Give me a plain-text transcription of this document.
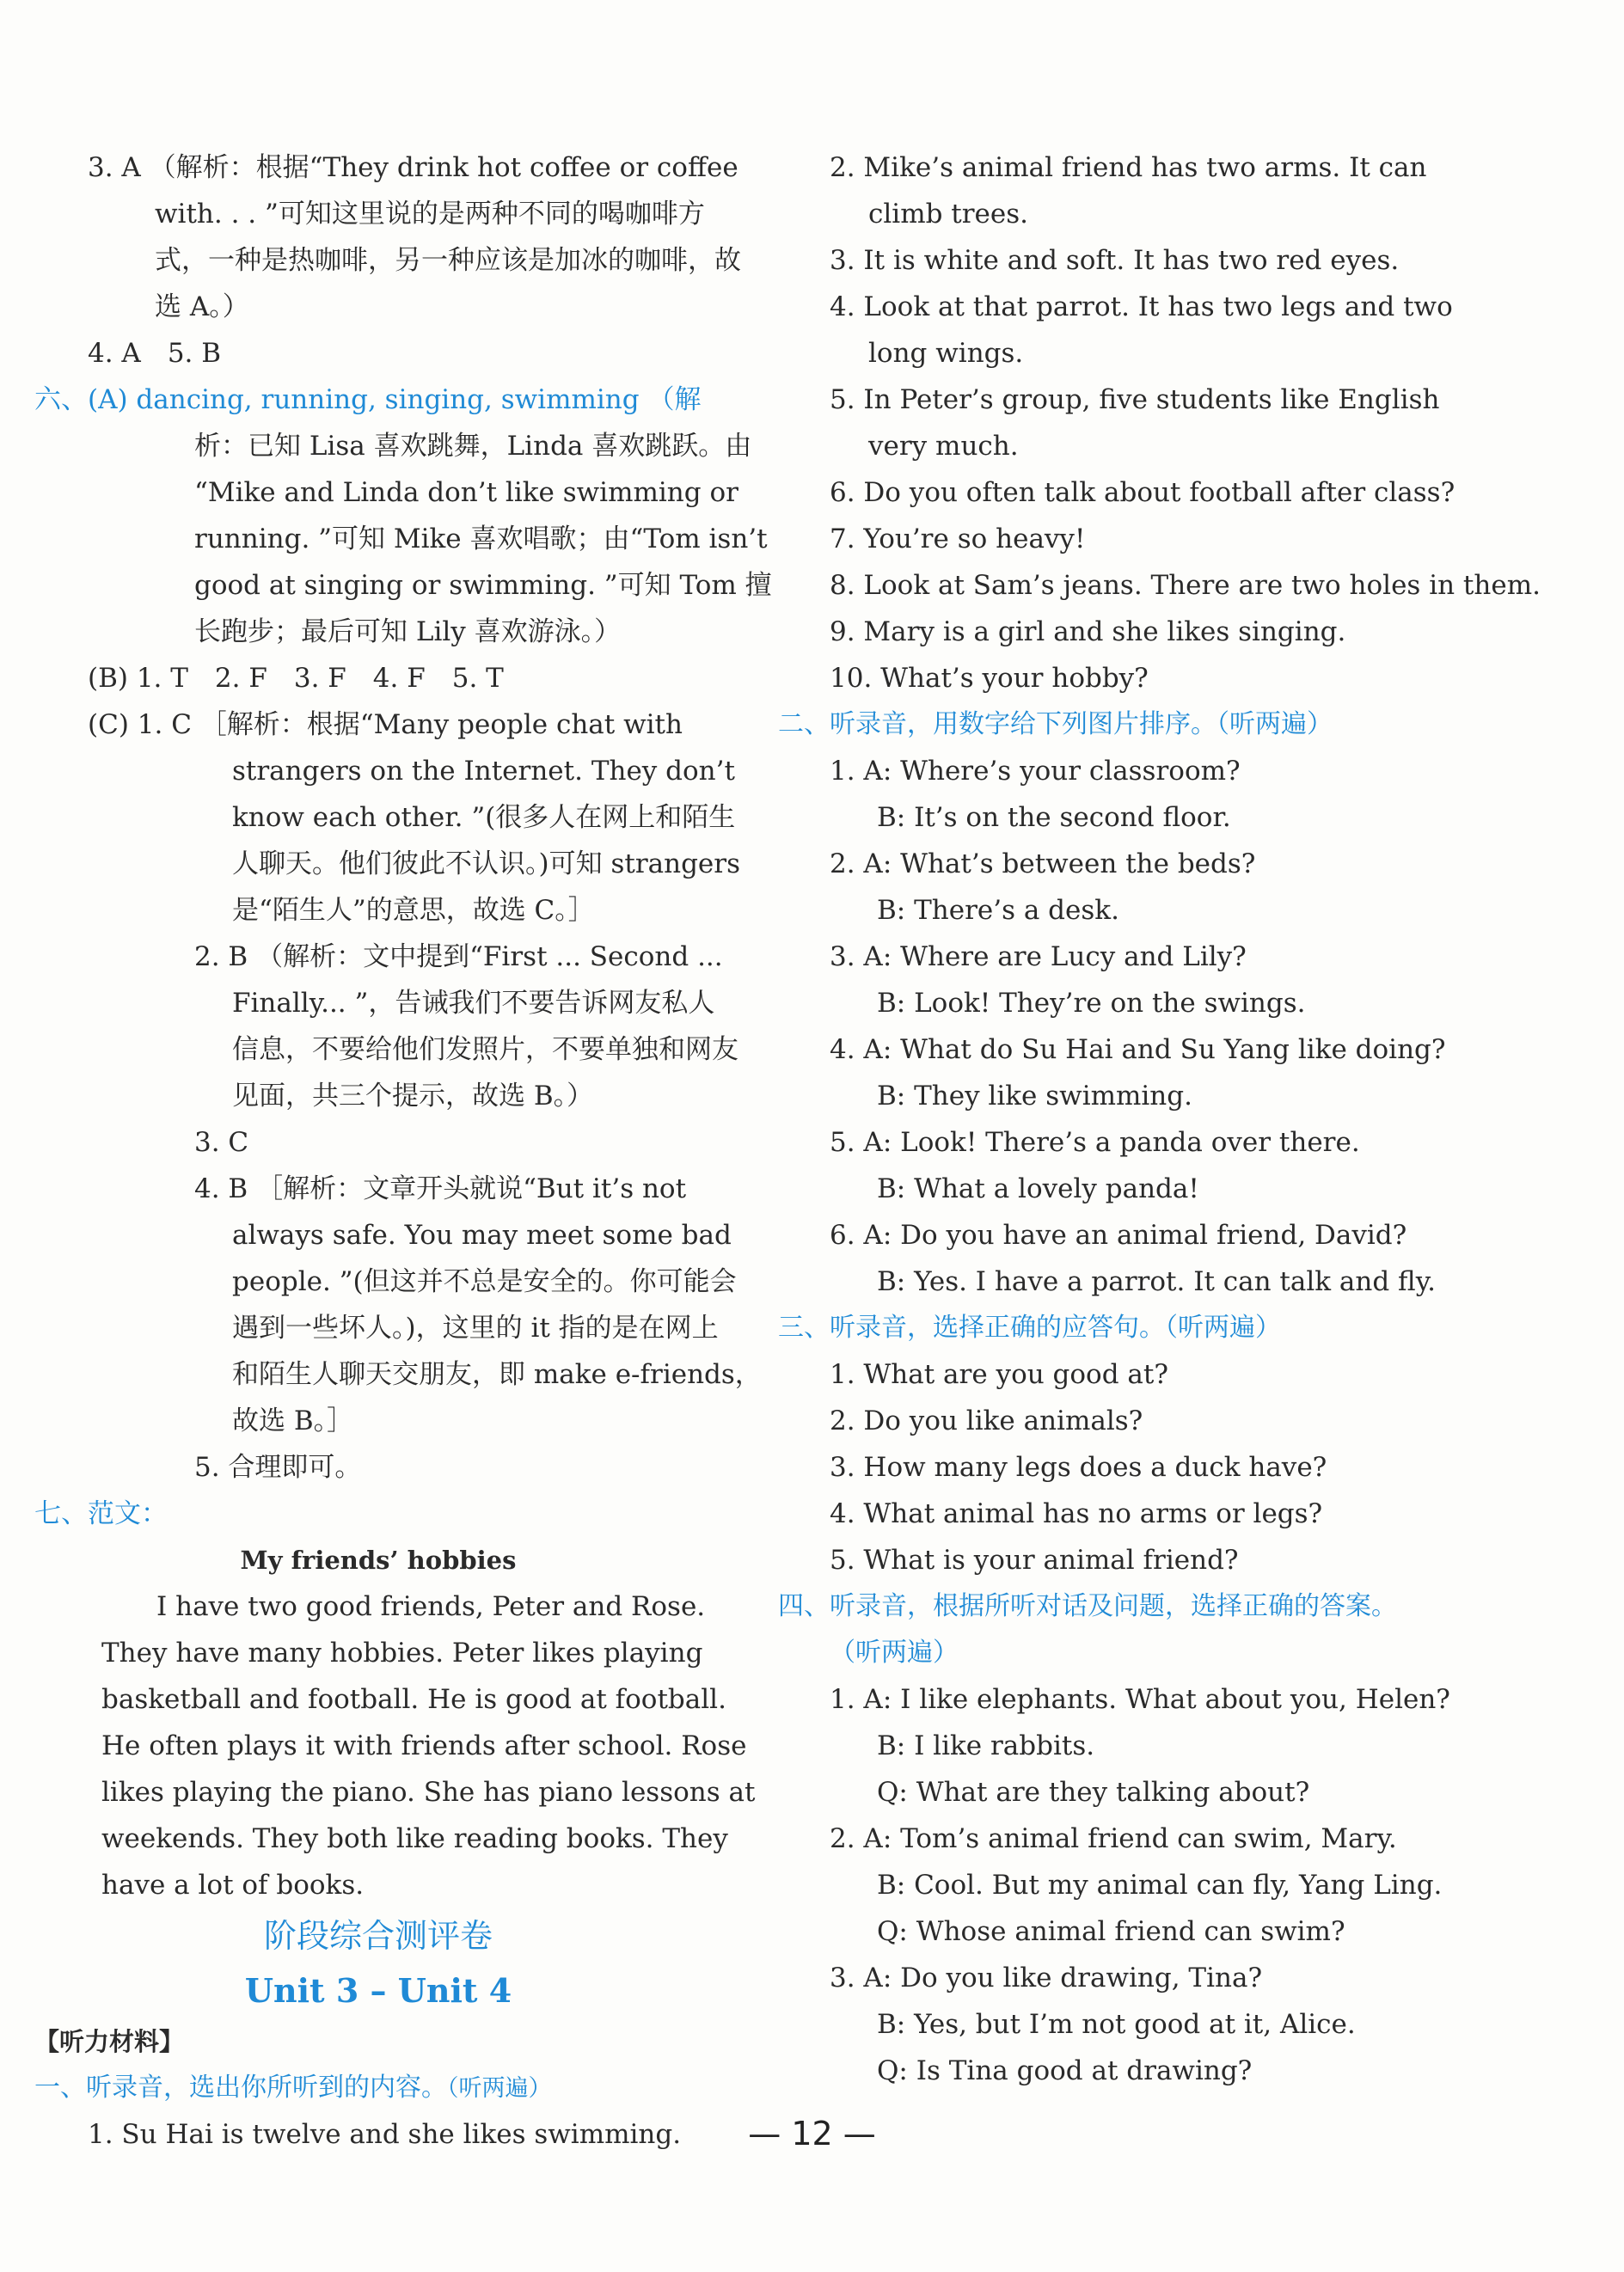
3. A （解析：根据“They drink hot coffee or coffee
with. . . ”可知这里说的是两种不同的喝咖啡方
式，一种是热咖啡，另一种应该是加冰的咖啡，故
选 A。）
4. A　5. B
六、(A) dancing, running, singing, swimming （解
析：已知 Lisa 喜欢跳舞，Linda 喜欢跳跃。由
“Mike and Linda don’t like swimming or
running. ”可知 Mike 喜欢唱歌；由“Tom isn’t
good at singing or swimming. ”可知 Tom 擅
长跑步；最后可知 Lily 喜欢游泳。）
(B) 1. T　2. F　3. F　4. F　5. T
(C) 1. C ［解析：根据“Many people chat with
strangers on the Internet. They don’t
know each other. ”(很多人在网上和陌生
人聊天。他们彼此不认识。)可知 strangers
是“陌生人”的意思，故选 C。］
2. B （解析：文中提到“First ... Second ...
Finally... ”，告诫我们不要告诉网友私人
信息，不要给他们发照片，不要单独和网友
见面，共三个提示，故选 B。）
3. C
4. B ［解析：文章开头就说“But it’s not
always safe. You may meet some bad
people. ”(但这并不总是安全的。你可能会
遇到一些坏人。)，这里的 it 指的是在网上
和陌生人聊天交朋友，即 make e-friends，
故选 B。］
5. 合理即可。
七、范文：
My friends’ hobbies
I have two good friends, Peter and Rose.
They have many hobbies. Peter likes playing
basketball and football. He is good at football.
He often plays it with friends after school. Rose
likes playing the piano. She has piano lessons at
weekends. They both like reading books. They
have a lot of books.
阶段综合测评卷
Unit 3 – Unit 4
【听力材料】
一、听录音，选出你所听到的内容。（听两遍）
1. Su Hai is twelve and she likes swimming.
2. Mike’s animal friend has two arms. It can
climb trees.
3. It is white and soft. It has two red eyes.
4. Look at that parrot. It has two legs and two
long wings.
5. In Peter’s group, five students like English
very much.
6. Do you often talk about football after class?
7. You’re so heavy!
8. Look at Sam’s jeans. There are two holes in them.
9. Mary is a girl and she likes singing.
10. What’s your hobby?
二、听录音，用数字给下列图片排序。（听两遍）
1. A: Where’s your classroom?
B: It’s on the second floor.
2. A: What’s between the beds?
B: There’s a desk.
3. A: Where are Lucy and Lily?
B: Look! They’re on the swings.
4. A: What do Su Hai and Su Yang like doing?
B: They like swimming.
5. A: Look! There’s a panda over there.
B: What a lovely panda!
6. A: Do you have an animal friend, David?
B: Yes. I have a parrot. It can talk and fly.
三、听录音，选择正确的应答句。（听两遍）
1. What are you good at?
2. Do you like animals?
3. How many legs does a duck have?
4. What animal has no arms or legs?
5. What is your animal friend?
四、听录音，根据所听对话及问题，选择正确的答案。
（听两遍）
1. A: I like elephants. What about you, Helen?
B: I like rabbits.
Q: What are they talking about?
2. A: Tom’s animal friend can swim, Mary.
B: Cool. But my animal can fly, Yang Ling.
Q: Whose animal friend can swim?
3. A: Do you like drawing, Tina?
B: Yes, but I’m not good at it, Alice.
Q: Is Tina good at drawing?
— 12 —
